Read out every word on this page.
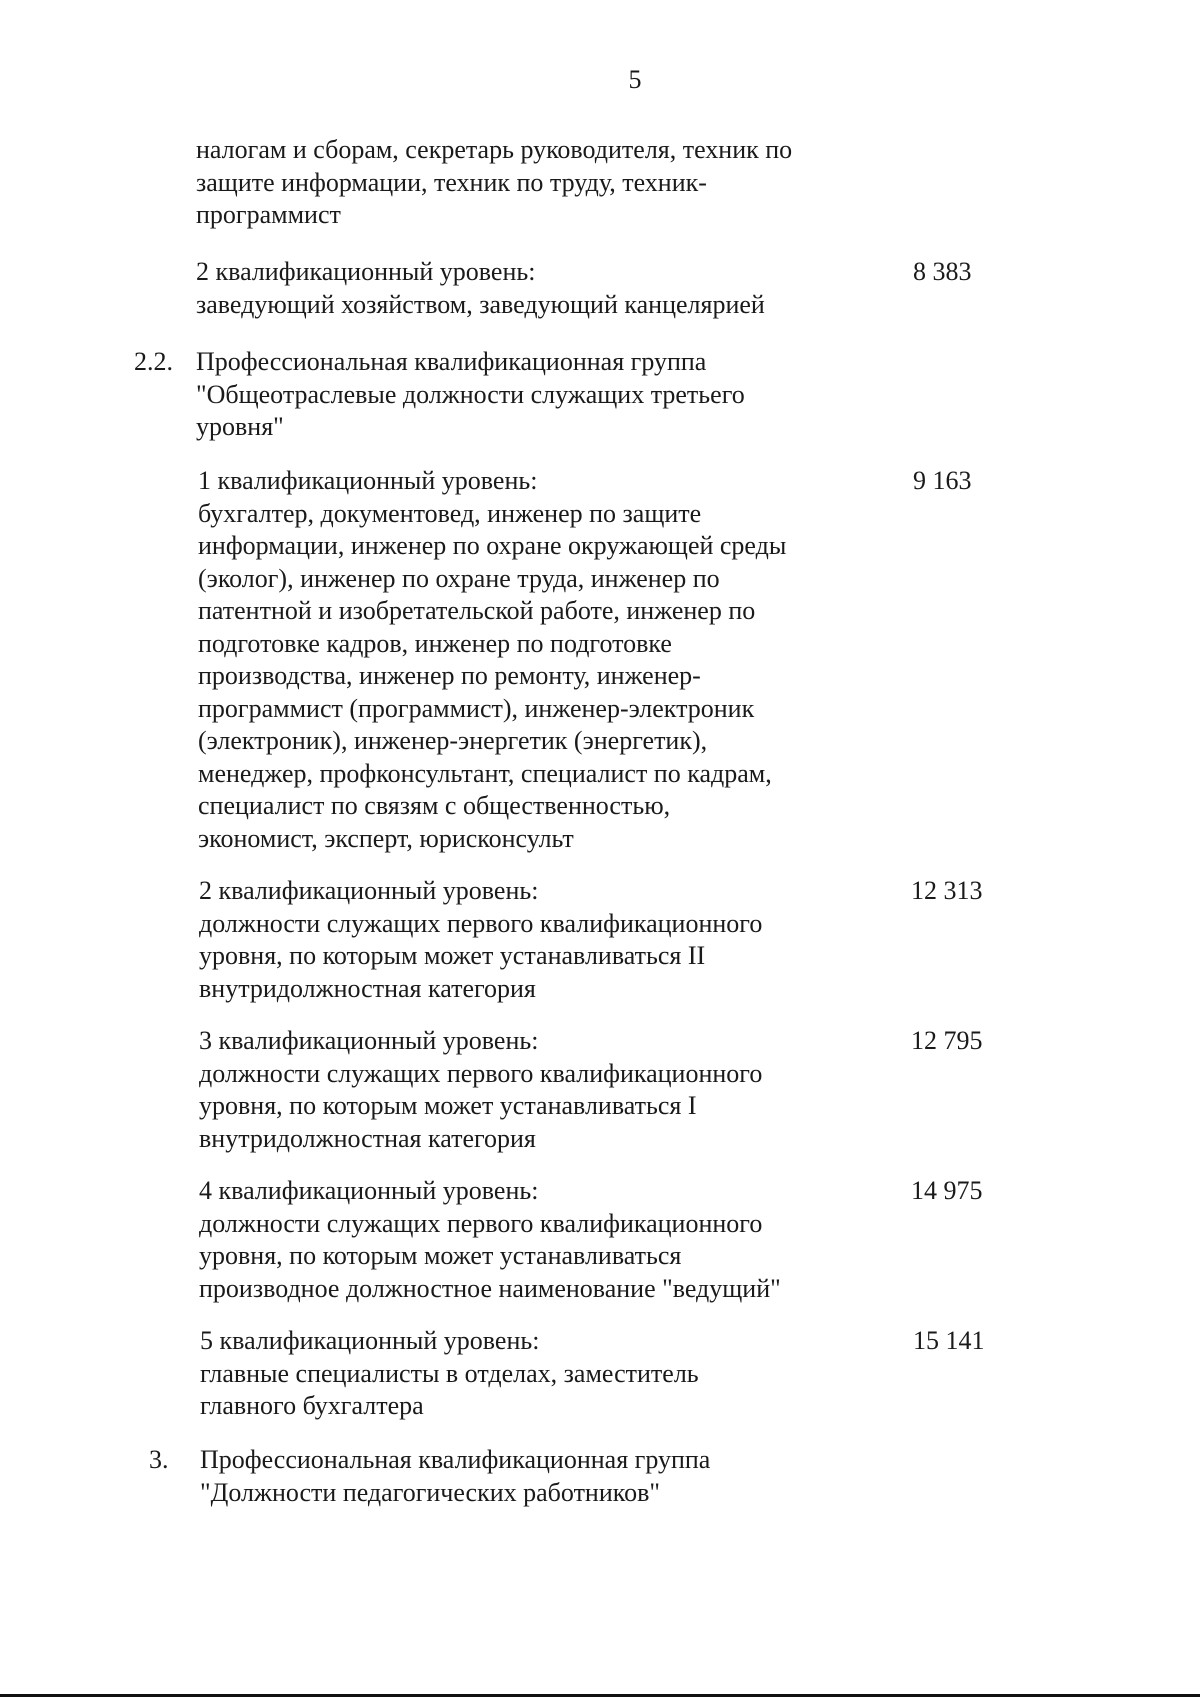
5
налогам и сборам, секретарь руководителя, техник по
защите информации, техник по труду, техник-
программист
2 квалификационный уровень:
заведующий хозяйством, заведующий канцелярией
8 383
2.2. Профессиональная квалификационная группа
"Общеотраслевые должности служащих третьего
уровня"
1 квалификационный уровень:
бухгалтер, документовед, инженер по защите
информации, инженер по охране окружающей среды
(эколог), инженер по охране труда, инженер по
патентной и изобретательской работе, инженер по
подготовке кадров, инженер по подготовке
производства, инженер по ремонту, инженер-
программист (программист), инженер-электроник
(электроник), инженер-энергетик (энергетик),
менеджер, профконсультант, специалист по кадрам,
специалист по связям с общественностью,
экономист, эксперт, юрисконсульт
9 163
2 квалификационный уровень:
должности служащих первого квалификационного
уровня, по которым может устанавливаться II
внутридолжностная категория
12 313
3 квалификационный уровень:
должности служащих первого квалификационного
уровня, по которым может устанавливаться I
внутридолжностная категория
12 795
4 квалификационный уровень:
должности служащих первого квалификационного
уровня, по которым может устанавливаться
производное должностное наименование "ведущий"
14 975
5 квалификационный уровень:
главные специалисты в отделах, заместитель
главного бухгалтера
15 141
3. Профессиональная квалификационная группа
"Должности педагогических работников"
